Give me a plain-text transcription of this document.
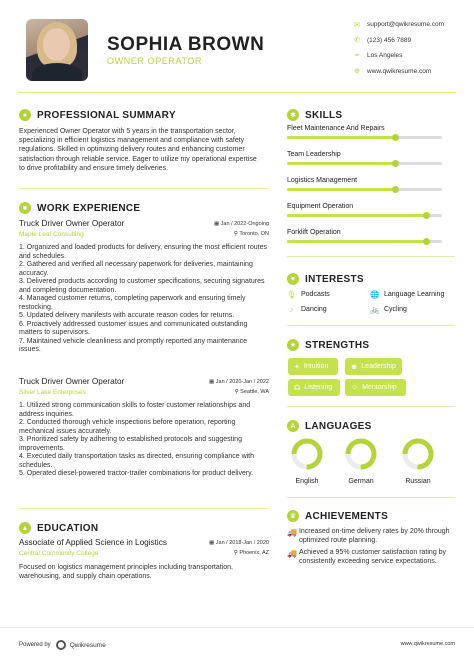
SOPHIA BROWN
OWNER OPERATOR
✉	support@qwikresume.com
✆	(123) 456 7889
⌖	Los Angeles
⊕	www.qwikresume.com
● PROFESSIONAL SUMMARY
Experienced Owner Operator with 5 years in the transportation sector, specializing in efficient logistics management and compliance with safety regulations. Skilled in optimizing delivery routes and enhancing customer satisfaction through reliable service. Eager to utilize my operational expertise to drive profitability and ensure timely deliveries.
■ WORK EXPERIENCE
Truck Driver Owner Operator	▦ Jan / 2022-Ongoing
⚲ Toronto, ON
Maple Leaf Consulting
1. Organized and loaded products for delivery, ensuring the most efficient routes and schedules.
2. Gathered and verified all necessary paperwork for deliveries, maintaining accuracy.
3. Delivered products according to customer specifications, securing signatures and completing documentation.
4. Managed customer returns, completing paperwork and ensuring timely restocking.
5. Updated delivery manifests with accurate reason codes for returns.
6. Proactively addressed customer issues and communicated outstanding matters to supervisors.
7. Maintained vehicle cleanliness and promptly reported any maintenance issues.
Truck Driver Owner Operator	▦ Jan / 2020-Jan / 2022
⚲ Seattle, WA
Silver Lake Enterprises
1. Utilized strong communication skills to foster customer relationships and address inquiries.
2. Conducted thorough vehicle inspections before operation, reporting mechanical issues accurately.
3. Prioritized safety by adhering to established protocols and suggesting improvements.
4. Executed daily transportation tasks as directed, ensuring compliance with schedules.
5. Operated diesel-powered tractor-trailer combinations for product delivery.
▲ EDUCATION
Associate of Applied Science in Logistics	▦ Jan / 2018-Jan / 2020
⚲ Phoenix, AZ
Central Community College
Focused on logistics management principles including transportation, warehousing, and supply chain operations.
✱ SKILLS
Fleet Maintenance And Repairs
Team Leadership
Logistics Management
Equipment Operation
Forklift Operation
♥ INTERESTS
🎙 Podcasts	🌐 Language Learning
♪	Dancing	🚲 Cycling
★ STRENGTHS
✦ Intuition	♚ Leadership
☊ Listening	☺ Mentorship
A LANGUAGES
English	German	Russian
♛ ACHIEVEMENTS
🚚 Increased on-time delivery rates by 20% through optimized route planning.
🚚 Achieved a 95% customer satisfaction rating by consistently exceeding service expectations.
Powered by	Qwikresume	www.qwikresume.com
